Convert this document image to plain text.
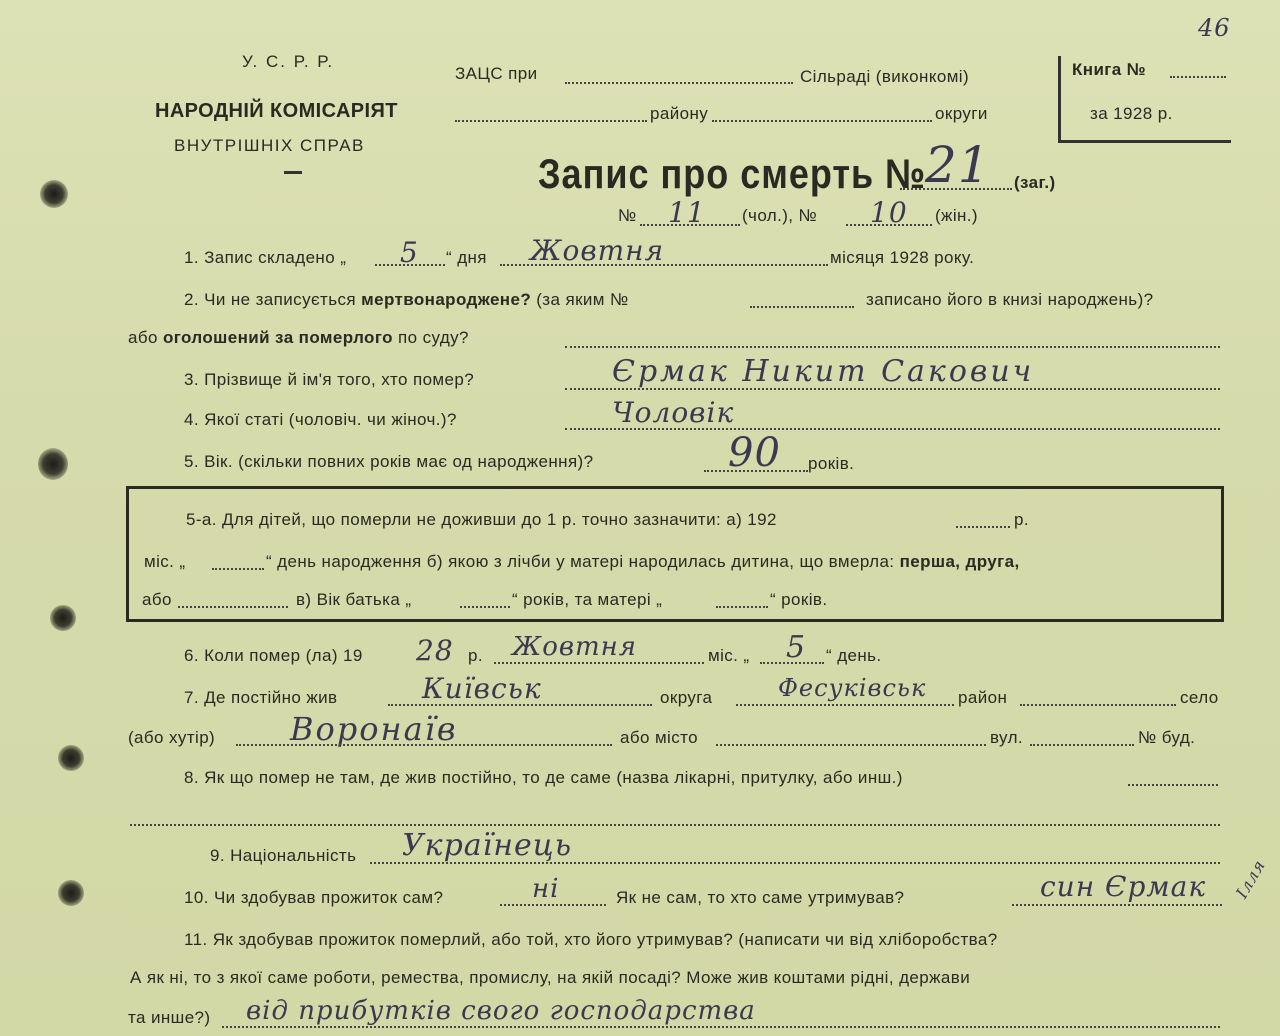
46
У. С. Р. Р.
НАРОДНІЙ КОМІСАРІЯТ
ВНУТРІШНІХ СПРАВ
ЗАЦС при	Сільраді (виконкомі)
району	округи
Книга №
за 1928 р.
Запис про смерть №
21 (заг.)
№ 11 (чол.), № 10 (жін.)
1. Запис складено „ 5 “ дня Жовтня	місяця 1928 року.
2. Чи не записується мертвонароджене? (за яким №	записано його в книзі народжень)?
або оголошений за померлого по суду?
3. Прізвище й ім'я того, хто помер?	Єрмак Никит Сакович
4. Якої статі (чоловіч. чи жіноч.)?	Чоловік
5. Вік. (скільки повних років має од народження)?	90 років.
5-а. Для дітей, що померли не доживши до 1 р. точно зазначити: а) 192	р.
міс. „	“ день народження б) якою з лічби у матері народилась дитина, що вмерла: перша, друга,
або	в) Вік батька „	“ років, та матері „	“ років.
6. Коли помер (ла) 19 28 р. Жовтня	міс. „ 5 “ день.
7. Де постійно жив	Київськ	округа	Фесуківськ район	село
(або хутір) Воронаїв	або місто	вул.	№ буд.
8. Як що помер не там, де жив постійно, то де саме (назва лікарні, притулку, або инш.)
9. Національність Українець
10. Чи здобував прожиток сам?	ні	Як не сам, то хто саме утримував?	син Єрмак Ілля
11. Як здобував прожиток померлий, або той, хто його утримував? (написати чи від хліборобства?
А як ні, то з якої саме роботи, ремества, промислу, на якій посаді? Може жив коштами рідні, держави
та инше?) від прибутків свого господарства
